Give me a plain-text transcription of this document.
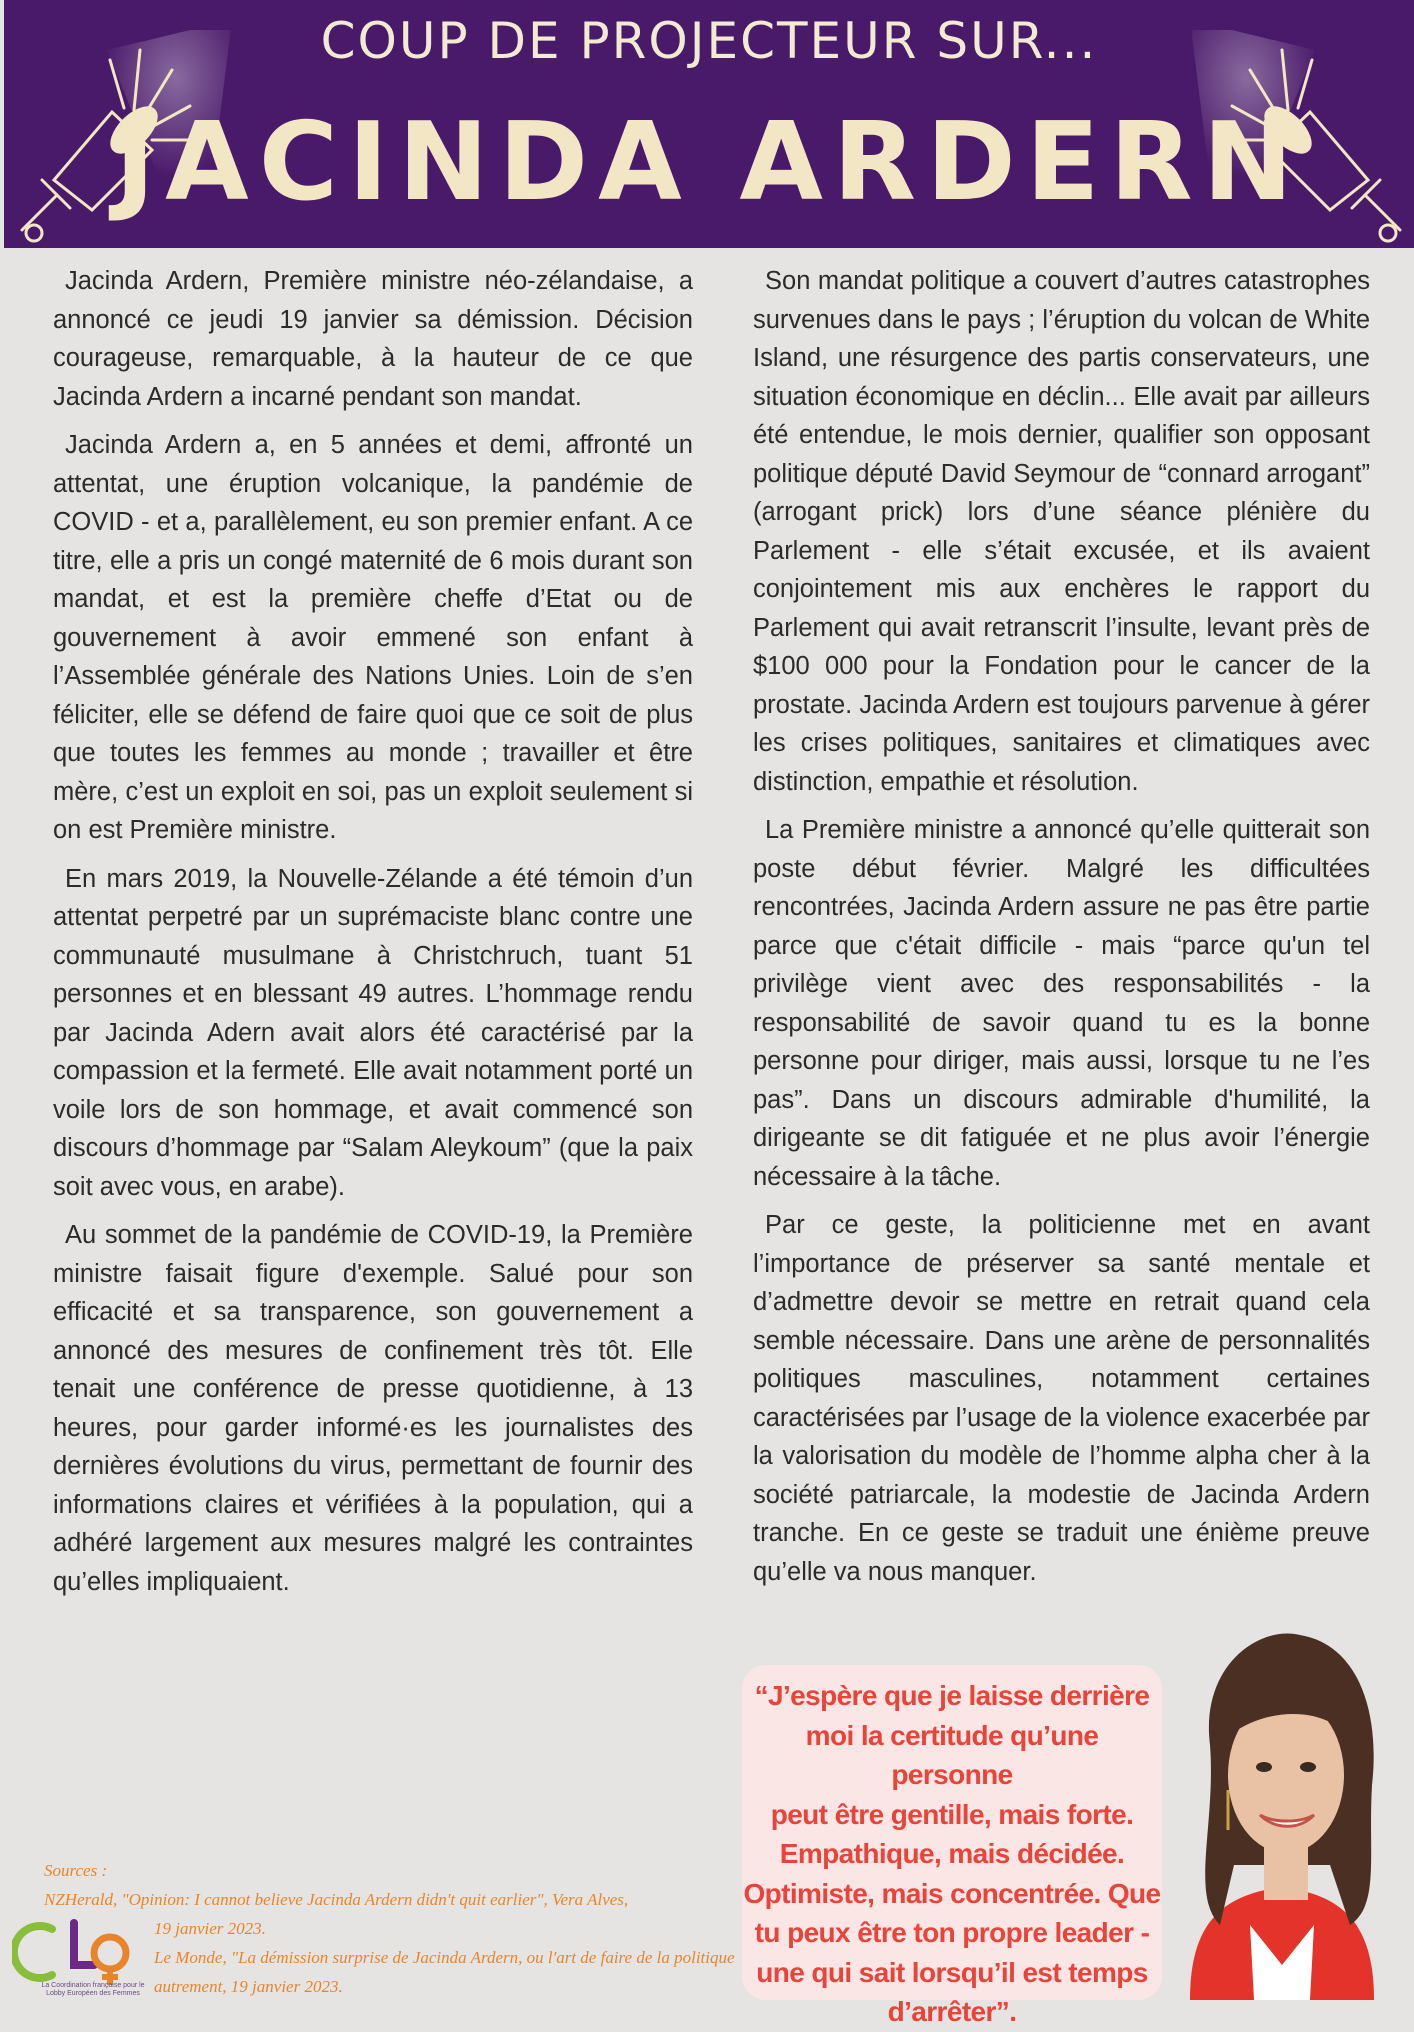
COUP DE PROJECTEUR SUR...
JACINDA ARDERN

Jacinda Ardern, Première ministre néo-zélandaise, a annoncé ce jeudi 19 janvier sa démission. Décision courageuse, remarquable, à la hauteur de ce que Jacinda Ardern a incarné pendant son mandat.

Jacinda Ardern a, en 5 années et demi, affronté un attentat, une éruption volcanique, la pandémie de COVID - et a, parallèlement, eu son premier enfant. A ce titre, elle a pris un congé maternité de 6 mois durant son mandat, et est la première cheffe d’Etat ou de gouvernement à avoir emmené son enfant à l’Assemblée générale des Nations Unies. Loin de s’en féliciter, elle se défend de faire quoi que ce soit de plus que toutes les femmes au monde ; travailler et être mère, c’est un exploit en soi, pas un exploit seulement si on est Première ministre.

En mars 2019, la Nouvelle-Zélande a été témoin d’un attentat perpetré par un suprémaciste blanc contre une communauté musulmane à Christchruch, tuant 51 personnes et en blessant 49 autres. L’hommage rendu par Jacinda Adern avait alors été caractérisé par la compassion et la fermeté. Elle avait notamment porté un voile lors de son hommage, et avait commencé son discours d’hommage par “Salam Aleykoum” (que la paix soit avec vous, en arabe).

Au sommet de la pandémie de COVID-19, la Première ministre faisait figure d'exemple. Salué pour son efficacité et sa transparence, son gouvernement a annoncé des mesures de confinement très tôt. Elle tenait une conférence de presse quotidienne, à 13 heures, pour garder informé·es les journalistes des dernières évolutions du virus, permettant de fournir des informations claires et vérifiées à la population, qui a adhéré largement aux mesures malgré les contraintes qu’elles impliquaient.

Son mandat politique a couvert d’autres catastrophes survenues dans le pays ; l’éruption du volcan de White Island, une résurgence des partis conservateurs, une situation économique en déclin... Elle avait par ailleurs été entendue, le mois dernier, qualifier son opposant politique député David Seymour de “connard arrogant” (arrogant prick) lors d’une séance plénière du Parlement - elle s’était excusée, et ils avaient conjointement mis aux enchères le rapport du Parlement qui avait retranscrit l’insulte, levant près de $100 000 pour la Fondation pour le cancer de la prostate. Jacinda Ardern est toujours parvenue à gérer les crises politiques, sanitaires et climatiques avec distinction, empathie et résolution.

La Première ministre a annoncé qu’elle quitterait son poste début février. Malgré les difficultées rencontrées, Jacinda Ardern assure ne pas être partie parce que c'était difficile - mais “parce qu'un tel privilège vient avec des responsabilités - la responsabilité de savoir quand tu es la bonne personne pour diriger, mais aussi, lorsque tu ne l’es pas”. Dans un discours admirable d'humilité, la dirigeante se dit fatiguée et ne plus avoir l’énergie nécessaire à la tâche.

Par ce geste, la politicienne met en avant l’importance de préserver sa santé mentale et d’admettre devoir se mettre en retrait quand cela semble nécessaire. Dans une arène de personnalités politiques masculines, notamment certaines caractérisées par l’usage de la violence exacerbée par la valorisation du modèle de l’homme alpha cher à la société patriarcale, la modestie de Jacinda Ardern tranche. En ce geste se traduit une énième preuve qu’elle va nous manquer.

“J’espère que je laisse derrière
moi la certitude qu’une personne
peut être gentille, mais forte.
Empathique, mais décidée.
Optimiste, mais concentrée. Que
tu peux être ton propre leader -
une qui sait lorsqu’il est temps
d’arrêter”.
Sources :
NZHerald, "Opinion: I cannot believe Jacinda Ardern didn't quit earlier", Vera Alves,
19 janvier 2023.
Le Monde, "La démission surprise de Jacinda Ardern, ou l'art de faire de la politique
autrement, 19 janvier 2023.
La Coordination française pour le Lobby Européen des Femmes
